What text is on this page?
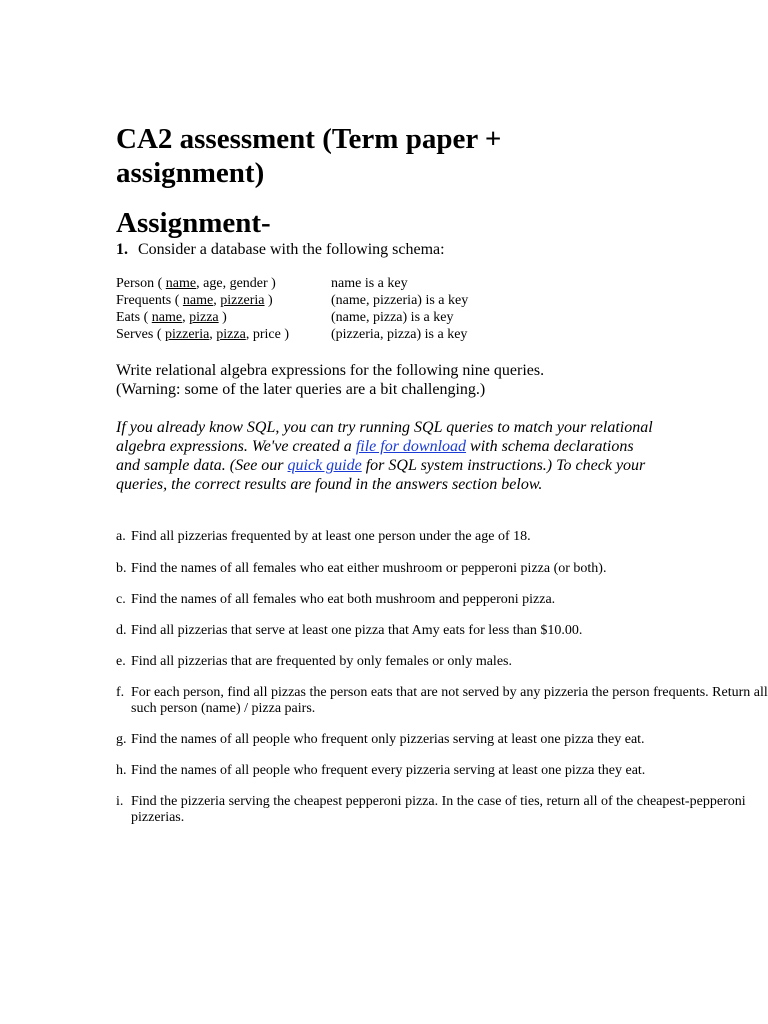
CA2 assessment (Term paper + assignment)
Assignment-
1. Consider a database with the following schema:
Person ( name, age, gender )	name is a key
Frequents ( name, pizzeria )	(name, pizzeria) is a key
Eats ( name, pizza )	(name, pizza) is a key
Serves ( pizzeria, pizza, price )	(pizzeria, pizza) is a key
Write relational algebra expressions for the following nine queries.
(Warning: some of the later queries are a bit challenging.)
If you already know SQL, you can try running SQL queries to match your relational algebra expressions. We've created a file for download with schema declarations and sample data. (See our quick guide for SQL system instructions.) To check your queries, the correct results are found in the answers section below.
a. Find all pizzerias frequented by at least one person under the age of 18.
b. Find the names of all females who eat either mushroom or pepperoni pizza (or both).
c. Find the names of all females who eat both mushroom and pepperoni pizza.
d. Find all pizzerias that serve at least one pizza that Amy eats for less than $10.00.
e. Find all pizzerias that are frequented by only females or only males.
f. For each person, find all pizzas the person eats that are not served by any pizzeria the person frequents. Return all
such person (name) / pizza pairs.
g. Find the names of all people who frequent only pizzerias serving at least one pizza they eat.
h. Find the names of all people who frequent every pizzeria serving at least one pizza they eat.
i. Find the pizzeria serving the cheapest pepperoni pizza. In the case of ties, return all of the cheapest-pepperoni
pizzerias.
